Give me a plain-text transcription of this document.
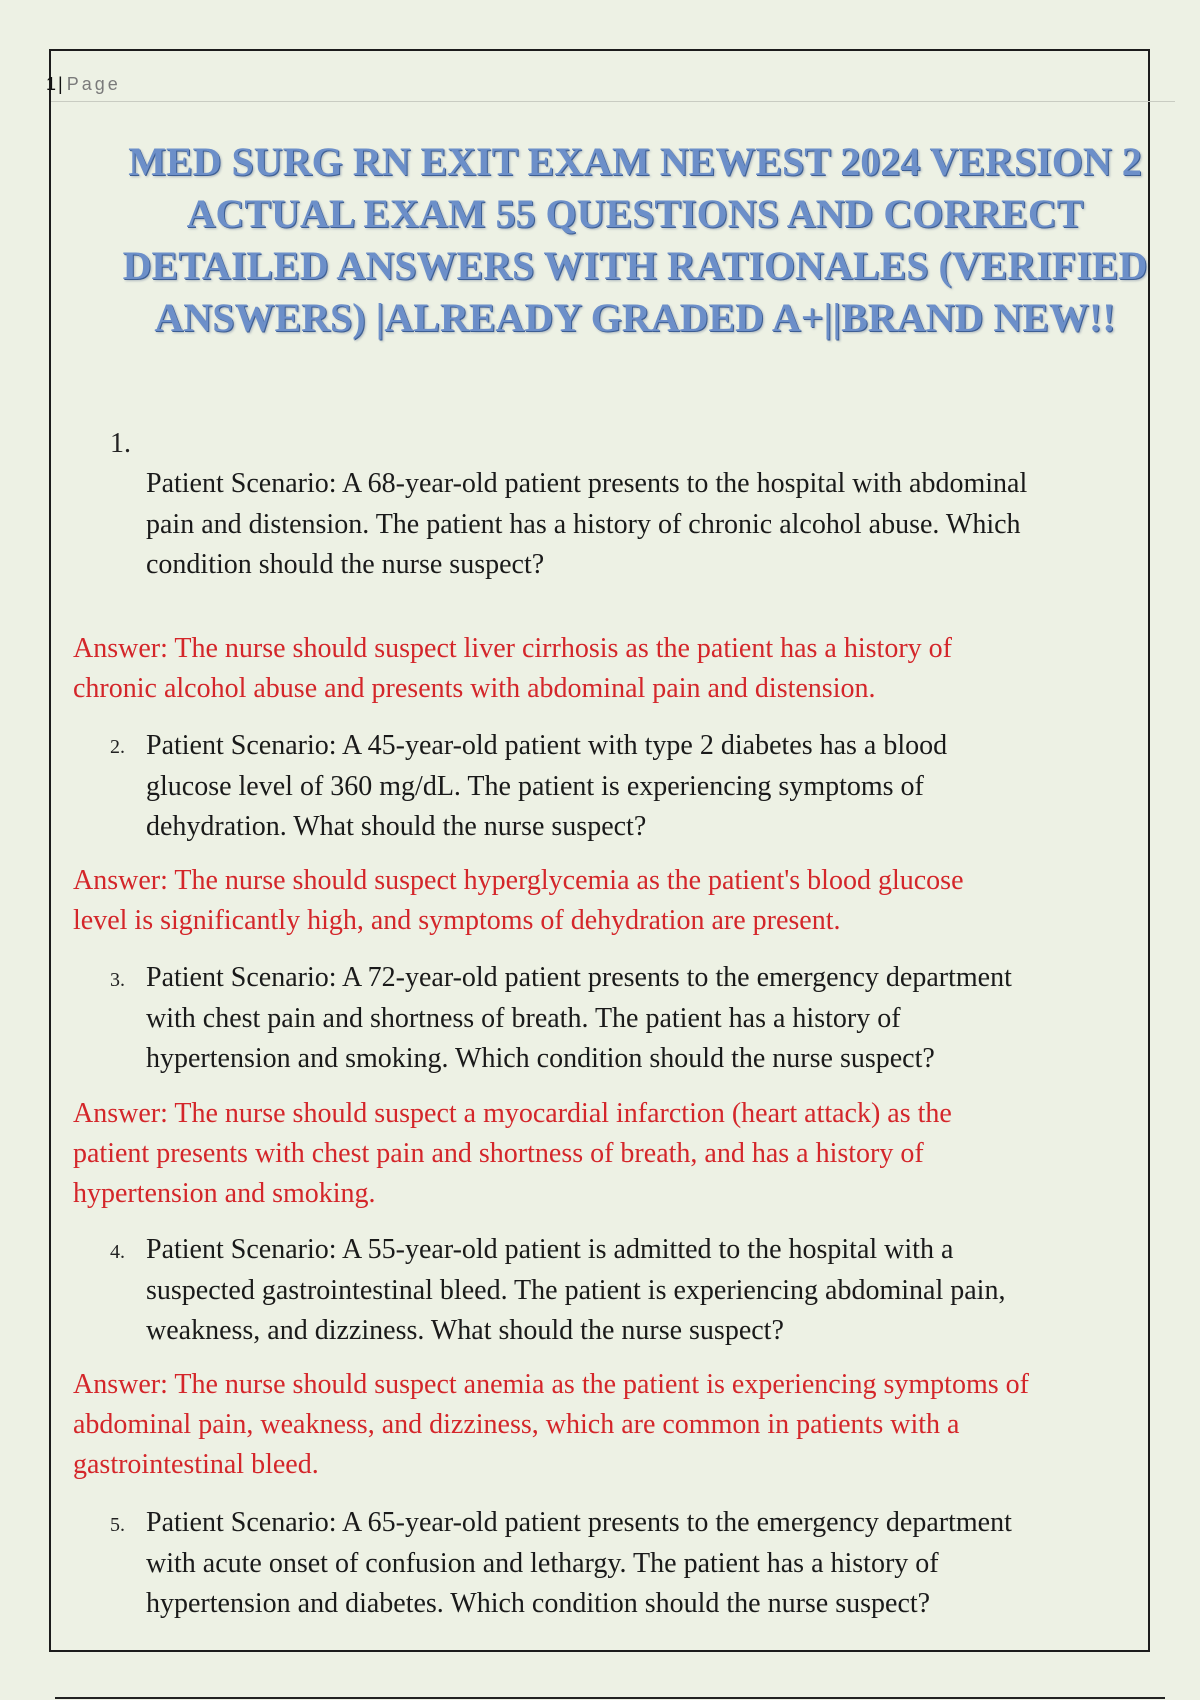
1 | Page
MED SURG RN EXIT EXAM NEWEST 2024 VERSION 2
ACTUAL EXAM 55 QUESTIONS AND CORRECT
DETAILED ANSWERS WITH RATIONALES (VERIFIED
ANSWERS) |ALREADY GRADED A+||BRAND NEW!!
1.
Patient Scenario: A 68-year-old patient presents to the hospital with abdominal
pain and distension. The patient has a history of chronic alcohol abuse. Which
condition should the nurse suspect?
Answer: The nurse should suspect liver cirrhosis as the patient has a history of
chronic alcohol abuse and presents with abdominal pain and distension.
2. Patient Scenario: A 45-year-old patient with type 2 diabetes has a blood
glucose level of 360 mg/dL. The patient is experiencing symptoms of
dehydration. What should the nurse suspect?
Answer: The nurse should suspect hyperglycemia as the patient's blood glucose
level is significantly high, and symptoms of dehydration are present.
3. Patient Scenario: A 72-year-old patient presents to the emergency department
with chest pain and shortness of breath. The patient has a history of
hypertension and smoking. Which condition should the nurse suspect?
Answer: The nurse should suspect a myocardial infarction (heart attack) as the
patient presents with chest pain and shortness of breath, and has a history of
hypertension and smoking.
4. Patient Scenario: A 55-year-old patient is admitted to the hospital with a
suspected gastrointestinal bleed. The patient is experiencing abdominal pain,
weakness, and dizziness. What should the nurse suspect?
Answer: The nurse should suspect anemia as the patient is experiencing symptoms of
abdominal pain, weakness, and dizziness, which are common in patients with a
gastrointestinal bleed.
5. Patient Scenario: A 65-year-old patient presents to the emergency department
with acute onset of confusion and lethargy. The patient has a history of
hypertension and diabetes. Which condition should the nurse suspect?
